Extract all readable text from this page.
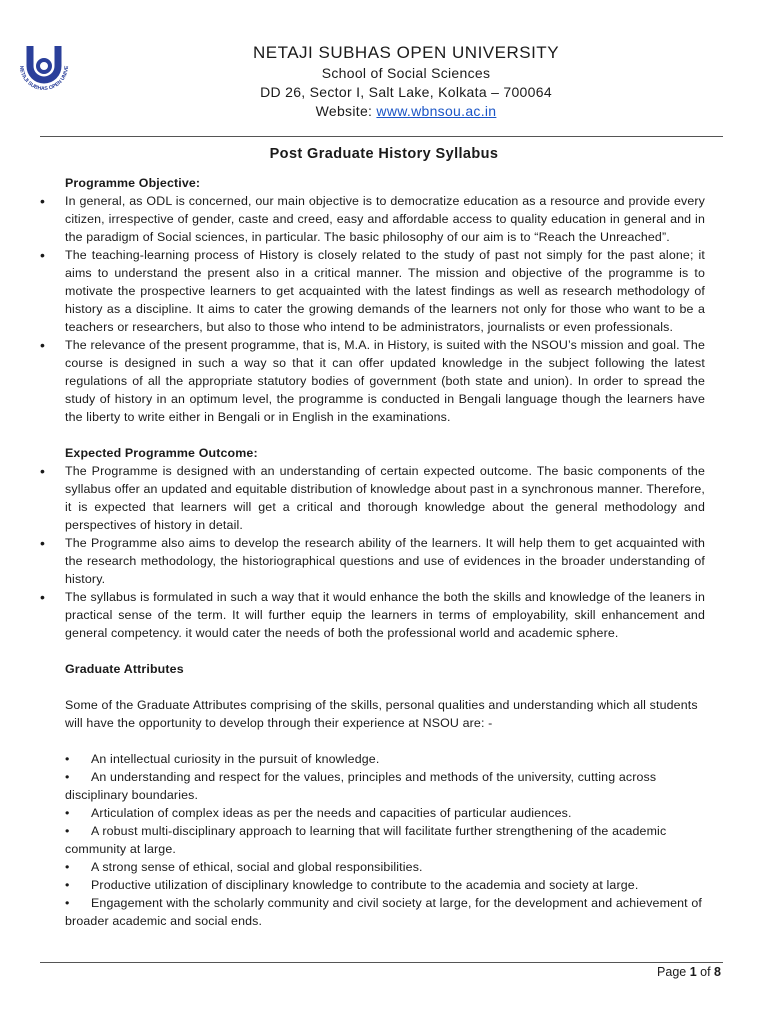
NETAJI SUBHAS OPEN UNIVE
NETAJI SUBHAS OPEN UNIVERSITY
School of Social Sciences
DD 26, Sector I, Salt Lake, Kolkata – 700064
Website: www.wbnsou.ac.in
Post Graduate History Syllabus

Programme Objective:

• In general, as ODL is concerned, our main objective is to democratize education as a resource and provide every citizen, irrespective of gender, caste and creed, easy and affordable access to quality education in general and in the paradigm of Social sciences, in particular. The basic philosophy of our aim is to “Reach the Unreached”.

• The teaching-learning process of History is closely related to the study of past not simply for the past alone; it aims to understand the present also in a critical manner. The mission and objective of the programme is to motivate the prospective learners to get acquainted with the latest findings as well as research methodology of history as a discipline. It aims to cater the growing demands of the learners not only for those who want to be a teachers or researchers, but also to those who intend to be administrators, journalists or even professionals.

• The relevance of the present programme, that is, M.A. in History, is suited with the NSOU’s mission and goal. The course is designed in such a way so that it can offer updated knowledge in the subject following the latest regulations of all the appropriate statutory bodies of government (both state and union). In order to spread the study of history in an optimum level, the programme is conducted in Bengali language though the learners have the liberty to write either in Bengali or in English in the examinations.

Expected Programme Outcome:

• The Programme is designed with an understanding of certain expected outcome. The basic components of the syllabus offer an updated and equitable distribution of knowledge about past in a synchronous manner. Therefore, it is expected that learners will get a critical and thorough knowledge about the general methodology and perspectives of history in detail.

• The Programme also aims to develop the research ability of the learners. It will help them to get acquainted with the research methodology, the historiographical questions and use of evidences in the broader understanding of history.

• The syllabus is formulated in such a way that it would enhance the both the skills and knowledge of the leaners in practical sense of the term. It will further equip the learners in terms of employability, skill enhancement and general competency. it would cater the needs of both the professional world and academic sphere.

Graduate Attributes

Some of the Graduate Attributes comprising of the skills, personal qualities and understanding which all students will have the opportunity to develop through their experience at NSOU are: -

• An intellectual curiosity in the pursuit of knowledge.

• An understanding and respect for the values, principles and methods of the university, cutting across disciplinary boundaries.

• Articulation of complex ideas as per the needs and capacities of particular audiences.

• A robust multi-disciplinary approach to learning that will facilitate further strengthening of the academic community at large.

• A strong sense of ethical, social and global responsibilities.

• Productive utilization of disciplinary knowledge to contribute to the academia and society at large.

• Engagement with the scholarly community and civil society at large, for the development and achievement of broader academic and social ends.

Page 1 of 8
